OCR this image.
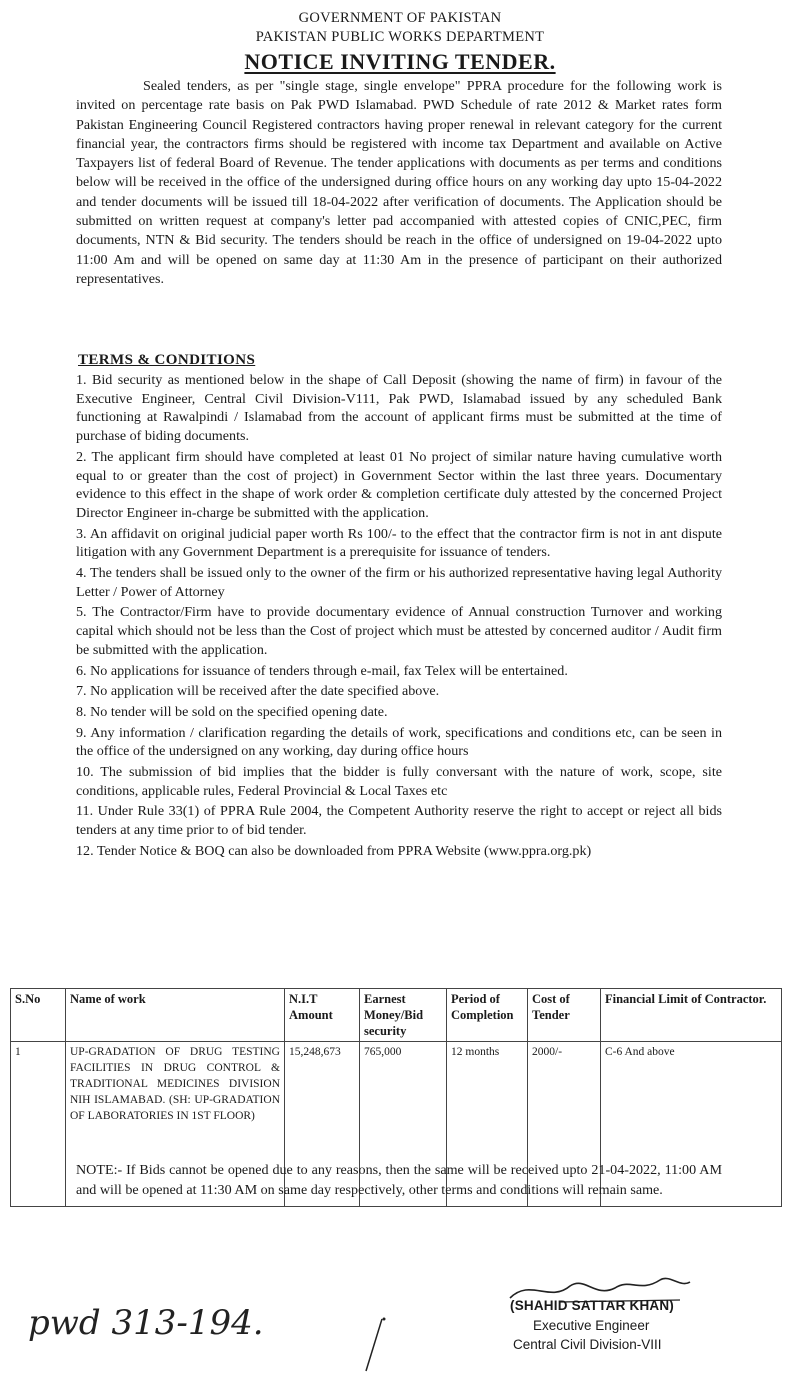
GOVERNMENT OF PAKISTAN
PAKISTAN PUBLIC WORKS DEPARTMENT
NOTICE INVITING TENDER.
Sealed tenders, as per "single stage, single envelope" PPRA procedure for the following work is invited on percentage rate basis on Pak PWD Islamabad. PWD Schedule of rate 2012 & Market rates form Pakistan Engineering Council Registered contractors having proper renewal in relevant category for the current financial year, the contractors firms should be registered with income tax Department and available on Active Taxpayers list of federal Board of Revenue. The tender applications with documents as per terms and conditions below will be received in the office of the undersigned during office hours on any working day upto 15-04-2022 and tender documents will be issued till 18-04-2022 after verification of documents. The Application should be submitted on written request at company's letter pad accompanied with attested copies of CNIC,PEC, firm documents, NTN & Bid security. The tenders should be reach in the office of undersigned on 19-04-2022 upto 11:00 Am and will be opened on same day at 11:30 Am in the presence of participant on their authorized representatives.
TERMS & CONDITIONS

1. Bid security as mentioned below in the shape of Call Deposit (showing the name of firm) in favour of the Executive Engineer, Central Civil Division-V111, Pak PWD, Islamabad issued by any scheduled Bank functioning at Rawalpindi / Islamabad from the account of applicant firms must be submitted at the time of purchase of biding documents.

2. The applicant firm should have completed at least 01 No project of similar nature having cumulative worth equal to or greater than the cost of project) in Government Sector within the last three years. Documentary evidence to this effect in the shape of work order & completion certificate duly attested by the concerned Project Director Engineer in-charge be submitted with the application.

3. An affidavit on original judicial paper worth Rs 100/- to the effect that the contractor firm is not in ant dispute litigation with any Government Department is a prerequisite for issuance of tenders.

4. The tenders shall be issued only to the owner of the firm or his authorized representative having legal Authority Letter / Power of Attorney

5. The Contractor/Firm have to provide documentary evidence of Annual construction Turnover and working capital which should not be less than the Cost of project which must be attested by concerned auditor / Audit firm be submitted with the application.

6. No applications for issuance of tenders through e-mail, fax Telex will be entertained.

7. No application will be received after the date specified above.

8. No tender will be sold on the specified opening date.

9. Any information / clarification regarding the details of work, specifications and conditions etc, can be seen in the office of the undersigned on any working, day during office hours

10. The submission of bid implies that the bidder is fully conversant with the nature of work, scope, site conditions, applicable rules, Federal Provincial & Local Taxes etc

11. Under Rule 33(1) of PPRA Rule 2004, the Competent Authority reserve the right to accept or reject all bids tenders at any time prior to of bid tender.

12. Tender Notice & BOQ can also be downloaded from PPRA Website (www.ppra.org.pk)

S.No	Name of work	N.I.T Amount	Earnest Money/Bid security	Period of Completion	Cost of Tender	Financial Limit of Contractor.
1	UP-GRADATION OF DRUG TESTING FACILITIES IN DRUG CONTROL & TRADITIONAL MEDICINES DIVISION NIH ISLAMABAD. (SH: UP-GRADATION OF LABORATORIES IN 1ST FLOOR)	15,248,673	765,000	12 months	2000/-	C-6 And above
NOTE:- If Bids cannot be opened due to any reasons, then the same will be received upto 21-04-2022, 11:00 AM and will be opened at 11:30 AM on same day respectively, other terms and conditions will remain same.
(SHAHID SATTAR KHAN)
Executive Engineer
Central Civil Division-VIII
pwd 313-194.
